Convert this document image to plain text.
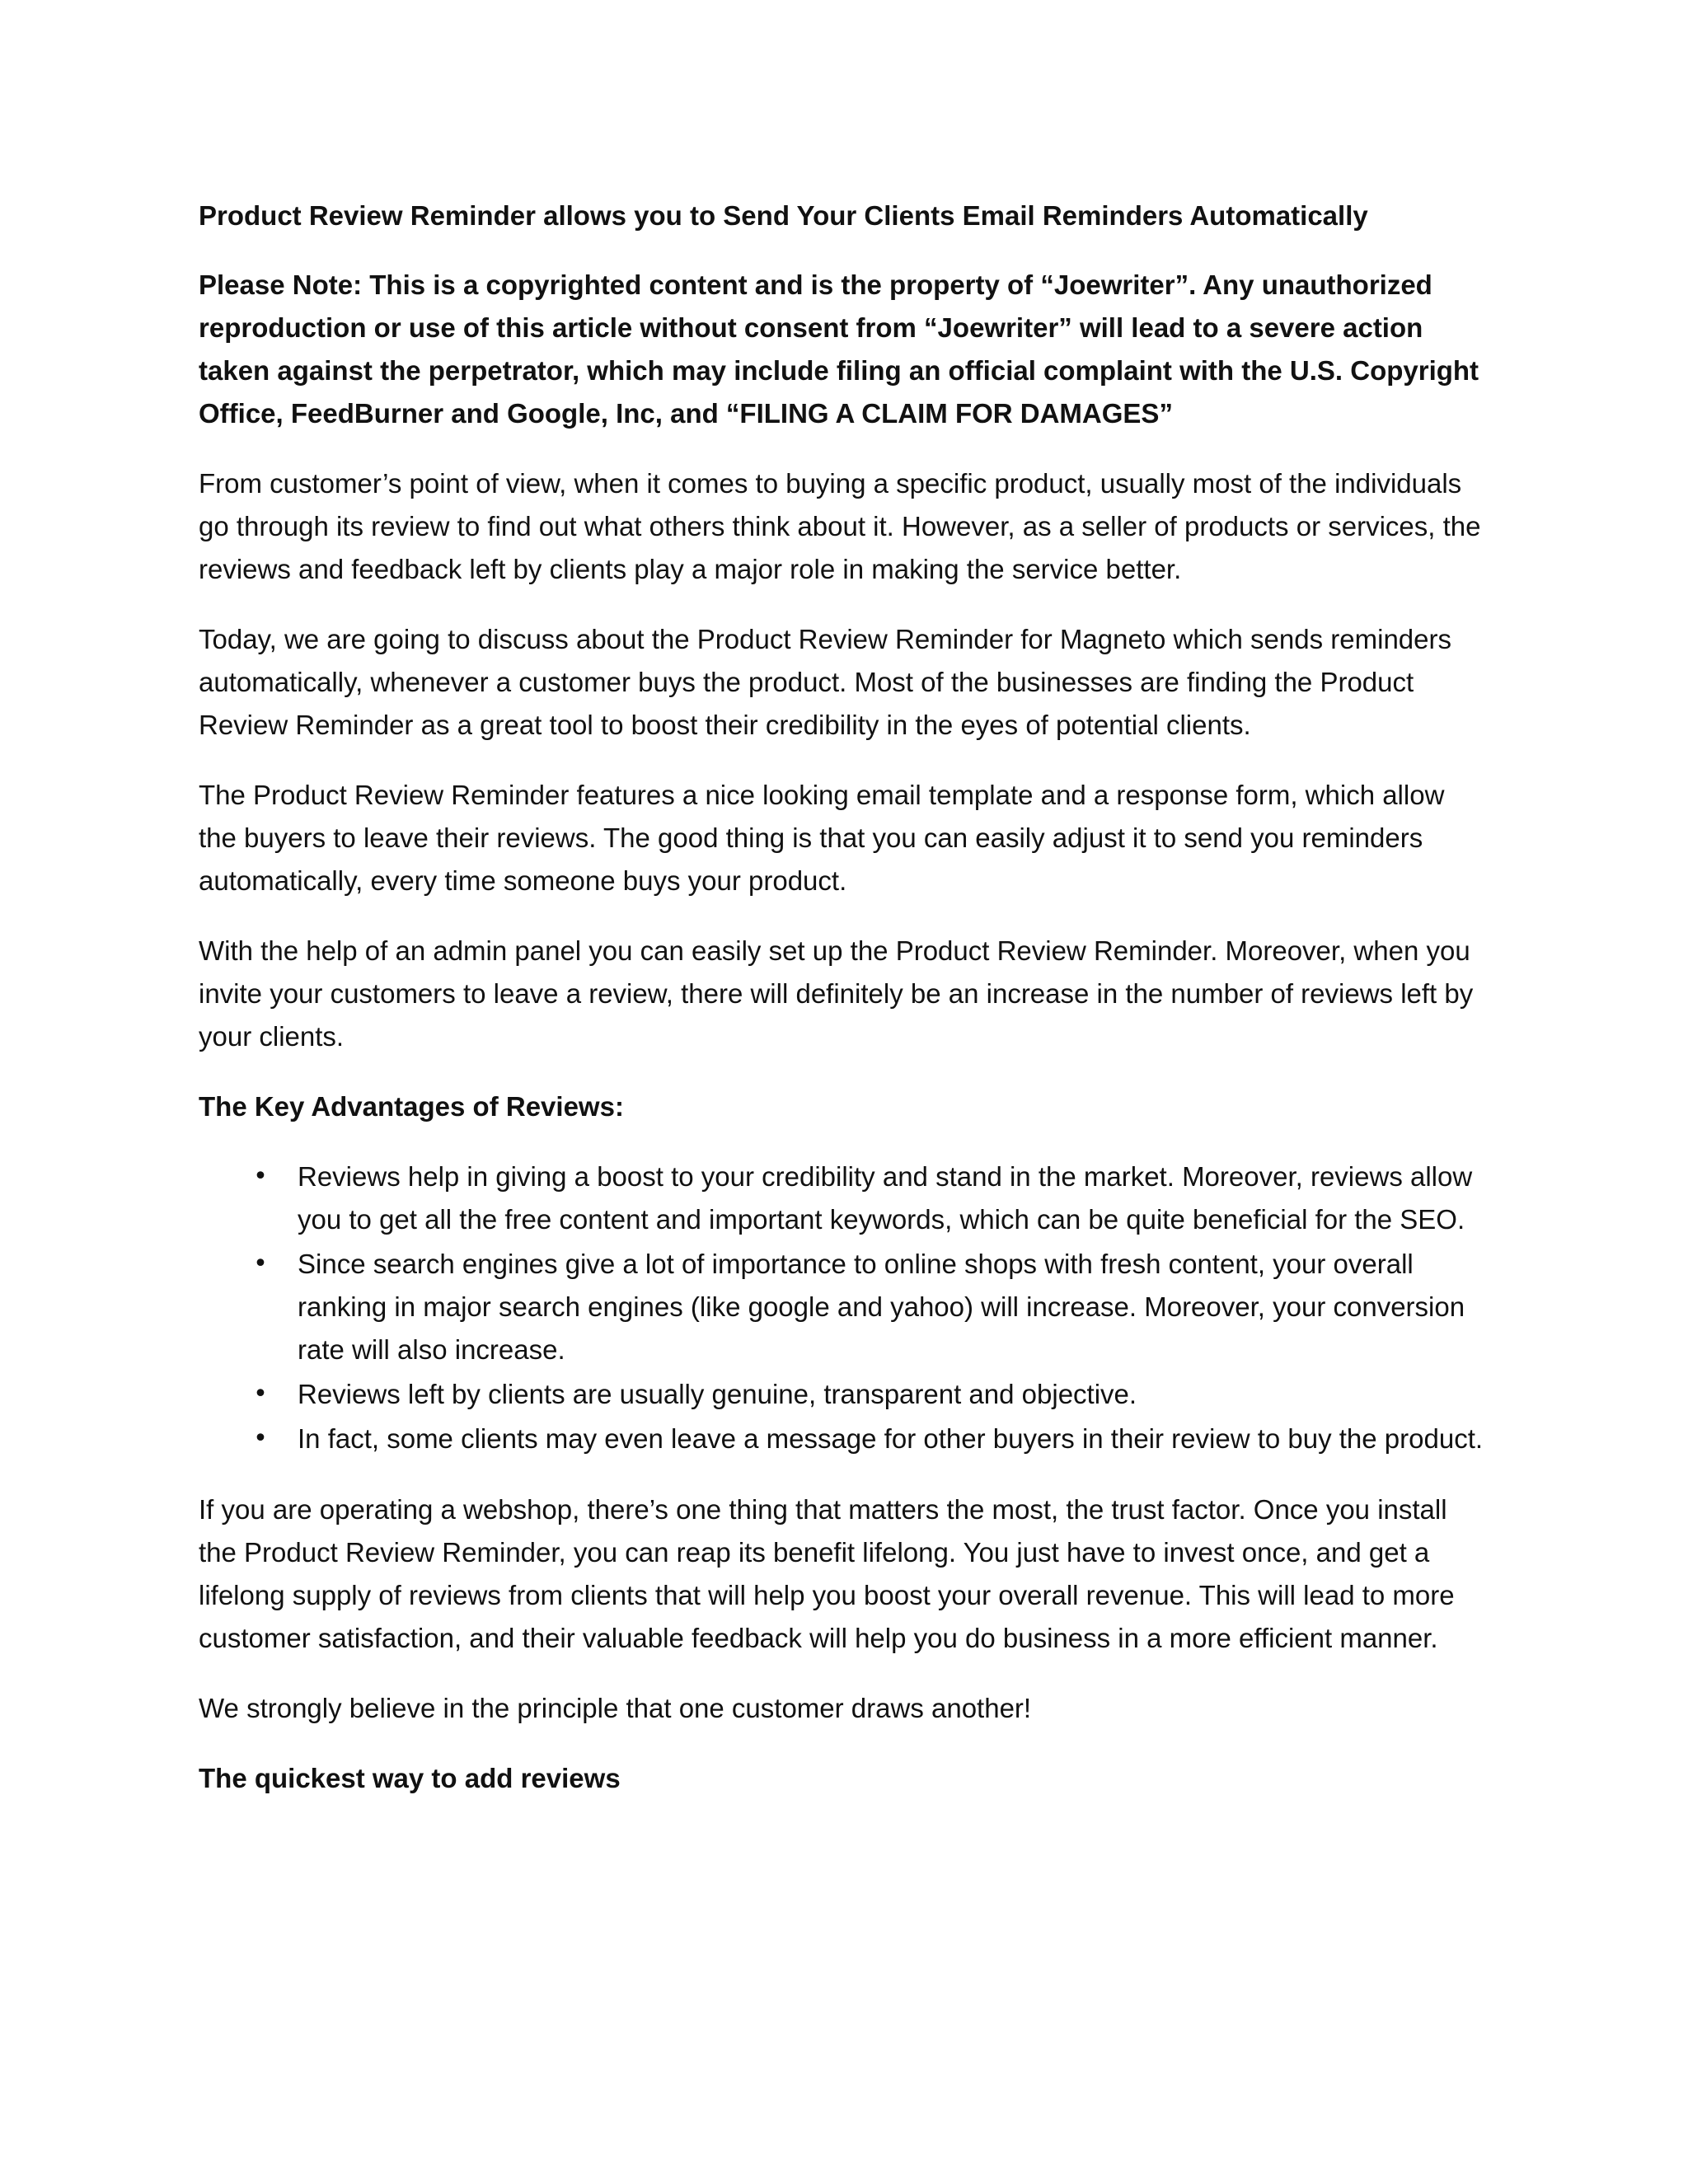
Product Review Reminder allows you to Send Your Clients Email Reminders Automatically

Please Note: This is a copyrighted content and is the property of “Joewriter”. Any unauthorized reproduction or use of this article without consent from “Joewriter” will lead to a severe action taken against the perpetrator, which may include filing an official complaint with the U.S. Copyright Office, FeedBurner and Google, Inc, and “FILING A CLAIM FOR DAMAGES”

From customer’s point of view, when it comes to buying a specific product, usually most of the individuals go through its review to find out what others think about it. However, as a seller of products or services, the reviews and feedback left by clients play a major role in making the service better.

Today, we are going to discuss about the Product Review Reminder for Magneto which sends reminders automatically, whenever a customer buys the product. Most of the businesses are finding the Product Review Reminder as a great tool to boost their credibility in the eyes of potential clients.

The Product Review Reminder features a nice looking email template and a response form, which allow the buyers to leave their reviews. The good thing is that you can easily adjust it to send you reminders automatically, every time someone buys your product.

With the help of an admin panel you can easily set up the Product Review Reminder. Moreover, when you invite your customers to leave a review, there will definitely be an increase in the number of reviews left by your clients.

The Key Advantages of Reviews:

• Reviews help in giving a boost to your credibility and stand in the market. Moreover, reviews allow you to get all the free content and important keywords, which can be quite beneficial for the SEO.
• Since search engines give a lot of importance to online shops with fresh content, your overall ranking in major search engines (like google and yahoo) will increase. Moreover, your conversion rate will also increase.
• Reviews left by clients are usually genuine, transparent and objective.
• In fact, some clients may even leave a message for other buyers in their review to buy the product.

If you are operating a webshop, there’s one thing that matters the most, the trust factor. Once you install the Product Review Reminder, you can reap its benefit lifelong. You just have to invest once, and get a lifelong supply of reviews from clients that will help you boost your overall revenue. This will lead to more customer satisfaction, and their valuable feedback will help you do business in a more efficient manner.

We strongly believe in the principle that one customer draws another!

The quickest way to add reviews
